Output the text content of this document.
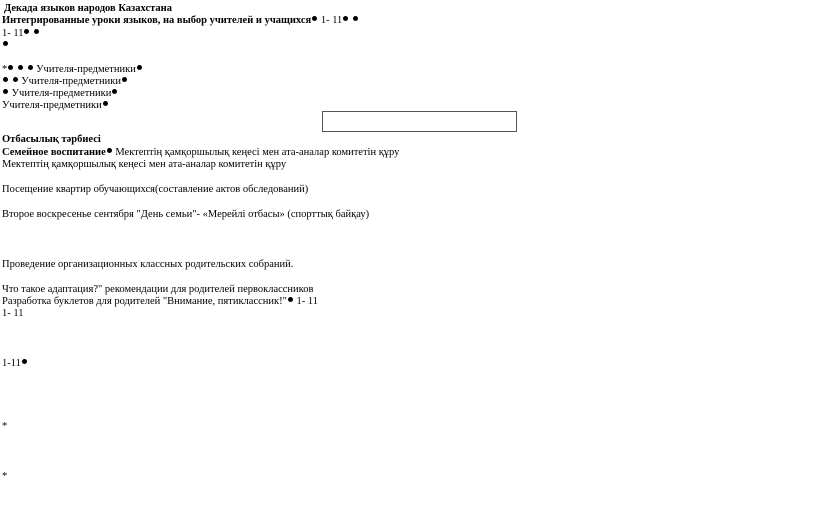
Декада языков народов Казахстана
Интегрированные уроки языков, на выбор учителей и учащихся 1- 11
1- 11
*	Учителя-предметники
Учителя-предметники
Учителя-предметники
Учителя-предметники
Отбасылық тәрбиесі
Семейное воспитание Мектептің қамқоршылық кеңесі мен ата-аналар комитетін құру
Мектептің қамқоршылық кеңесі мен ата-аналар комитетін құру
Посещение квартир обучающихся(составление актов обследований)
Второе воскресенье сентября "День семьи"- «Мерейлі отбасы» (спорттық байқау)
Проведение организационных классных родительских собраний.
Что такое адаптация?" рекомендации для родителей первоклассников
Разработка буклетов для родителей "Внимание, пятиклассник!" 1- 11
1- 11
1-11
*
*
